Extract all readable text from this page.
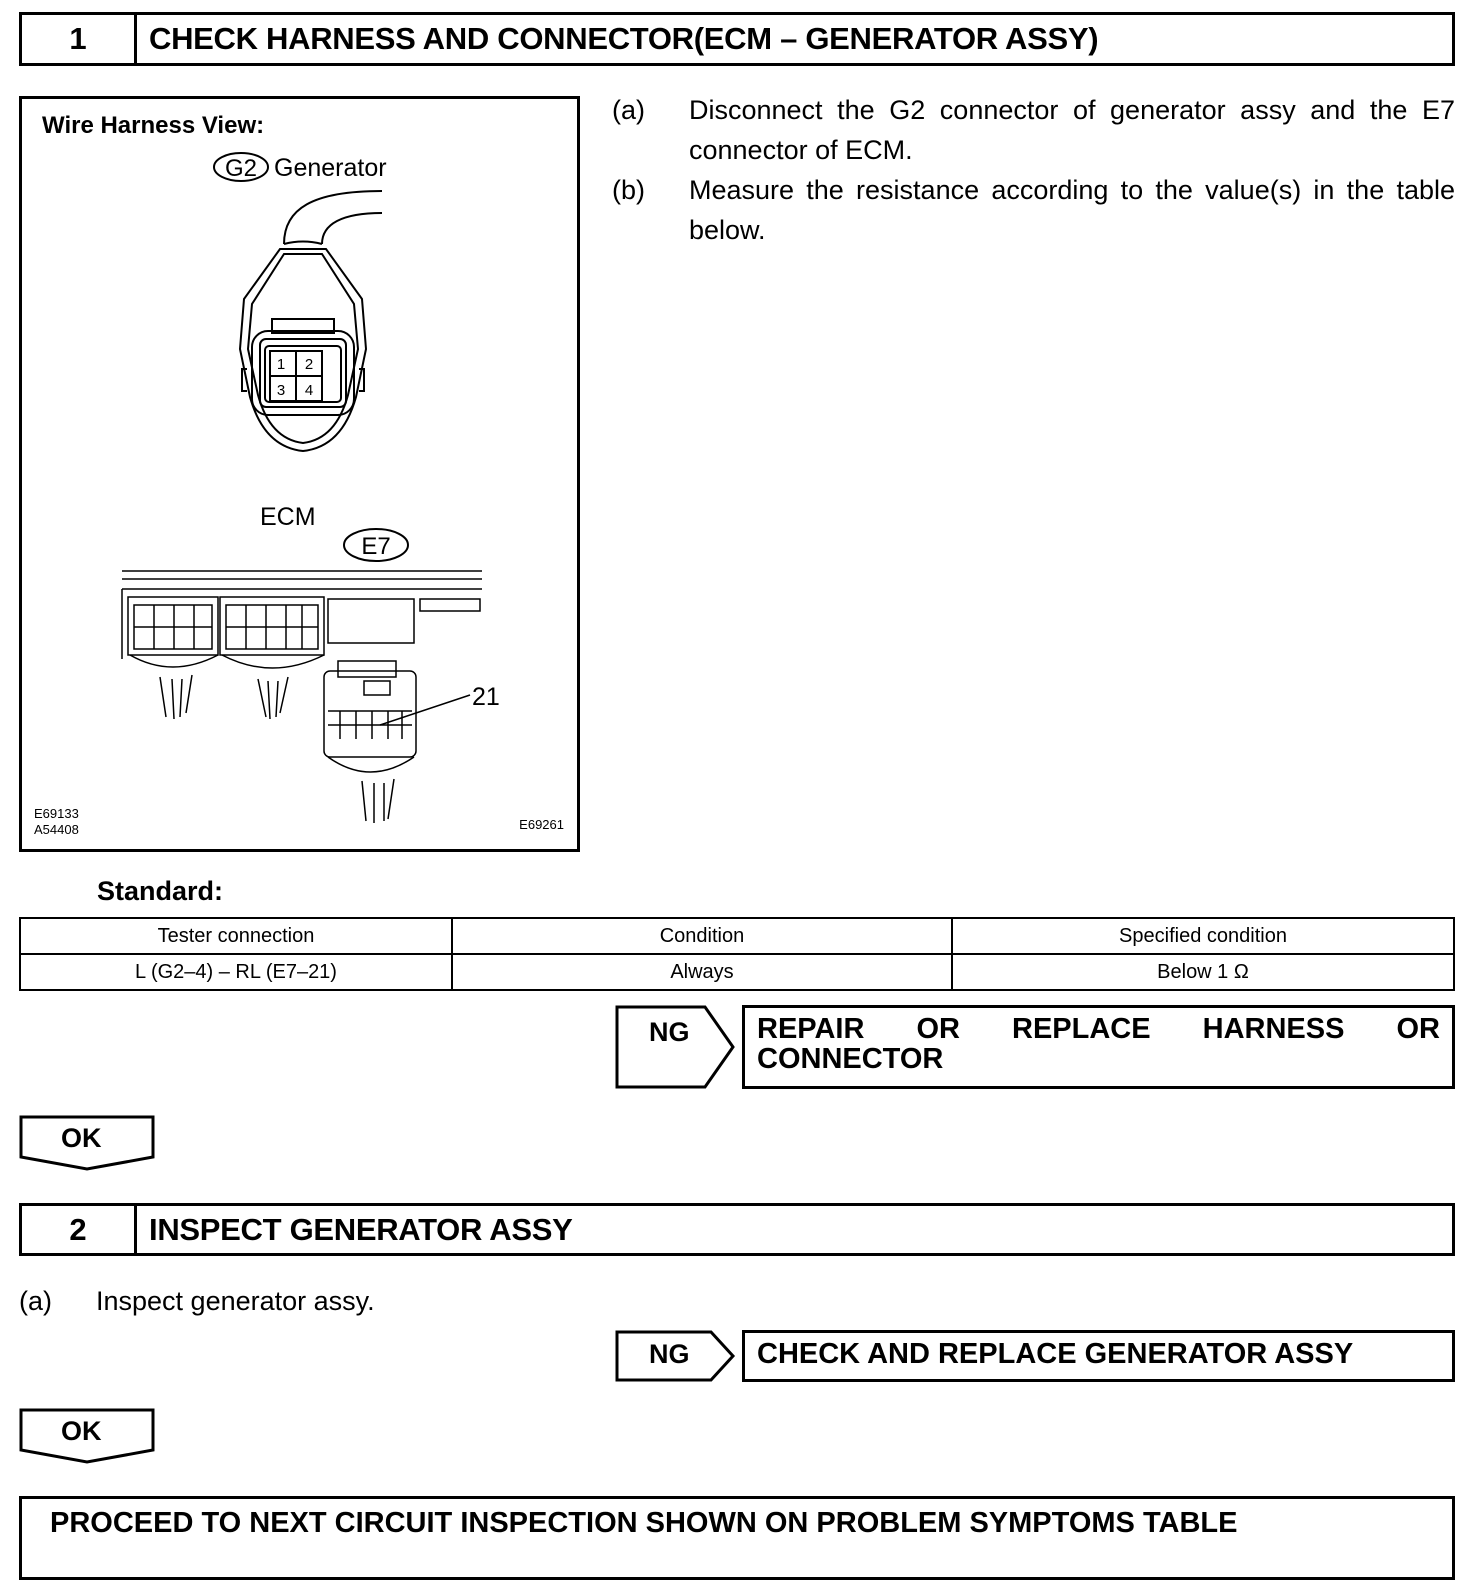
1	CHECK HARNESS AND CONNECTOR(ECM – GENERATOR ASSY)
Wire Harness View:
G2 Generator
1 2
3 4
ECM
E7
21
E69133
A54408	E69261
(a)	Disconnect the G2 connector of generator assy and the E7 connector of ECM.
(b)	Measure the resistance according to the value(s) in the table below.
Standard:
Tester connection	Condition	Specified condition
L (G2–4) – RL (E7–21)	Always	Below 1 Ω
NG REPAIR OR REPLACE HARNESS OR
CONNECTOR
OK
2	INSPECT GENERATOR ASSY
(a)	Inspect generator assy.
NG CHECK AND REPLACE GENERATOR ASSY
OK
PROCEED TO NEXT CIRCUIT INSPECTION SHOWN ON PROBLEM SYMPTOMS TABLE
